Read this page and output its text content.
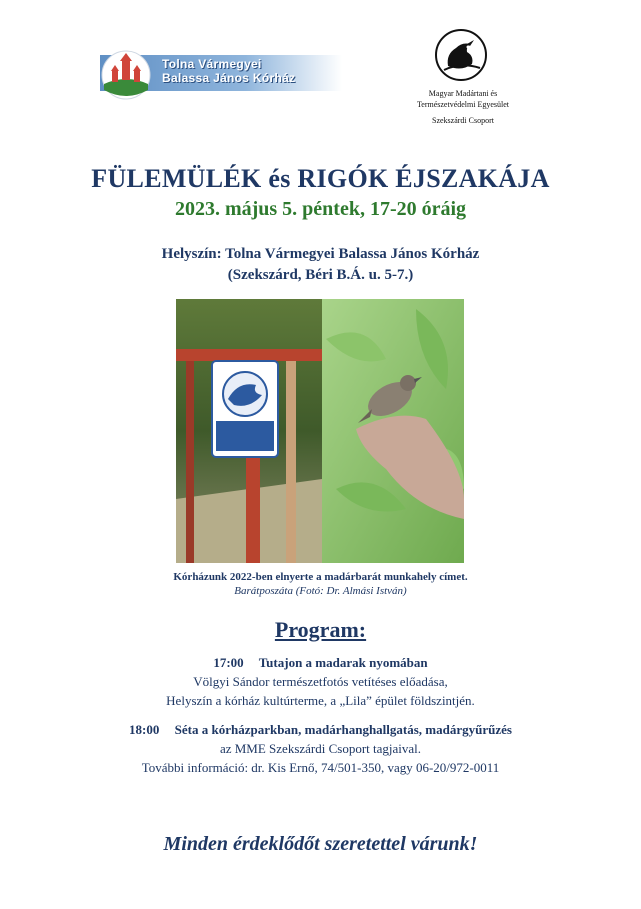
Tolna Vármegyei
Balassa János Kórház
Magyar Madártani és
Természetvédelmi Egyesület
Szekszárdi Csoport
FÜLEMÜLÉK és RIGÓK ÉJSZAKÁJA
2023. május 5. péntek, 17-20 óráig
Helyszín: Tolna Vármegyei Balassa János Kórház
(Szekszárd, Béri B.Á. u. 5-7.)
Kórházunk 2022-ben elnyerte a madárbarát munkahely címet.
Barátposzáta (Fotó: Dr. Almási István)
Program:
17:00 Tutajon a madarak nyomában
Völgyi Sándor természetfotós vetítéses előadása,
Helyszín a kórház kultúrterme, a „Lila” épület földszintjén.
18:00 Séta a kórházparkban, madárhanghallgatás, madárgyűrűzés
az MME Szekszárdi Csoport tagjaival.
További információ: dr. Kis Ernő, 74/501-350, vagy 06-20/972-0011
Minden érdeklődőt szeretettel várunk!
